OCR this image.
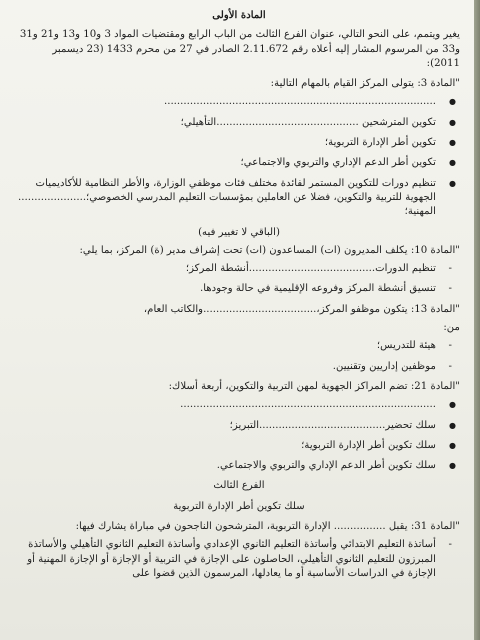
المادة الأولى
يغير ويتمم، على النحو التالي، عنوان الفرع الثالث من الباب الرابع ومقتضيات المواد 3 و10 و13 و21 و31 و33 من المرسوم المشار إليه أعلاه رقم 2.11.672 الصادر في 27 من محرم 1433 (23 ديسمبر 2011):
"المادة 3: يتولى المركز القيام بالمهام التالية:
● ....................................................................................
● تكوين المترشحين ............................................التأهيلي؛
● تكوين أطر الإدارة التربوية؛
● تكوين أطر الدعم الإداري والتربوي والاجتماعي؛
● تنظيم دورات للتكوين المستمر لفائدة مختلف فئات موظفي الوزارة، والأطر النظامية للأكاديميات الجهوية للتربية والتكوين، فضلا عن العاملين بمؤسسات التعليم المدرسي الخصوصي؛..................... المهنية؛
(الباقي لا تغيير فيه)
"المادة 10: يكلف المديرون (ات) المساعدون (ات) تحت إشراف مدير (ة) المركز، بما يلي:
- تنظيم الدورات.......................................أنشطة المركز؛
- تنسيق أنشطة المركز وفروعه الإقليمية في حالة وجودها.
"المادة 13: يتكون موظفو المركز،...................................والكاتب العام،
من:
- هيئة للتدريس؛
- موظفين إداريين وتقنيين.
"المادة 21: تضم المراكز الجهوية لمهن التربية والتكوين، أربعة أسلاك:
● ...............................................................................
● سلك تحضير.......................................التبريز؛
● سلك تكوين أطر الإدارة التربوية؛
● سلك تكوين أطر الدعم الإداري والتربوي والاجتماعي.
الفرع الثالث
سلك تكوين أطر الإدارة التربوية
"المادة 31: يقبل ................ الإدارة التربوية، المترشحون الناجحون في مباراة يشارك فيها:
- أساتذة التعليم الابتدائي وأساتذة التعليم الثانوي الإعدادي وأساتذة التعليم الثانوي التأهيلي والأساتذة المبرزون للتعليم الثانوي التأهيلي، الحاصلون على الإجازة في التربية أو الإجازة أو الإجازة المهنية أو الإجازة في الدراسات الأساسية أو ما يعادلها، المرسمون الذين قضوا على
